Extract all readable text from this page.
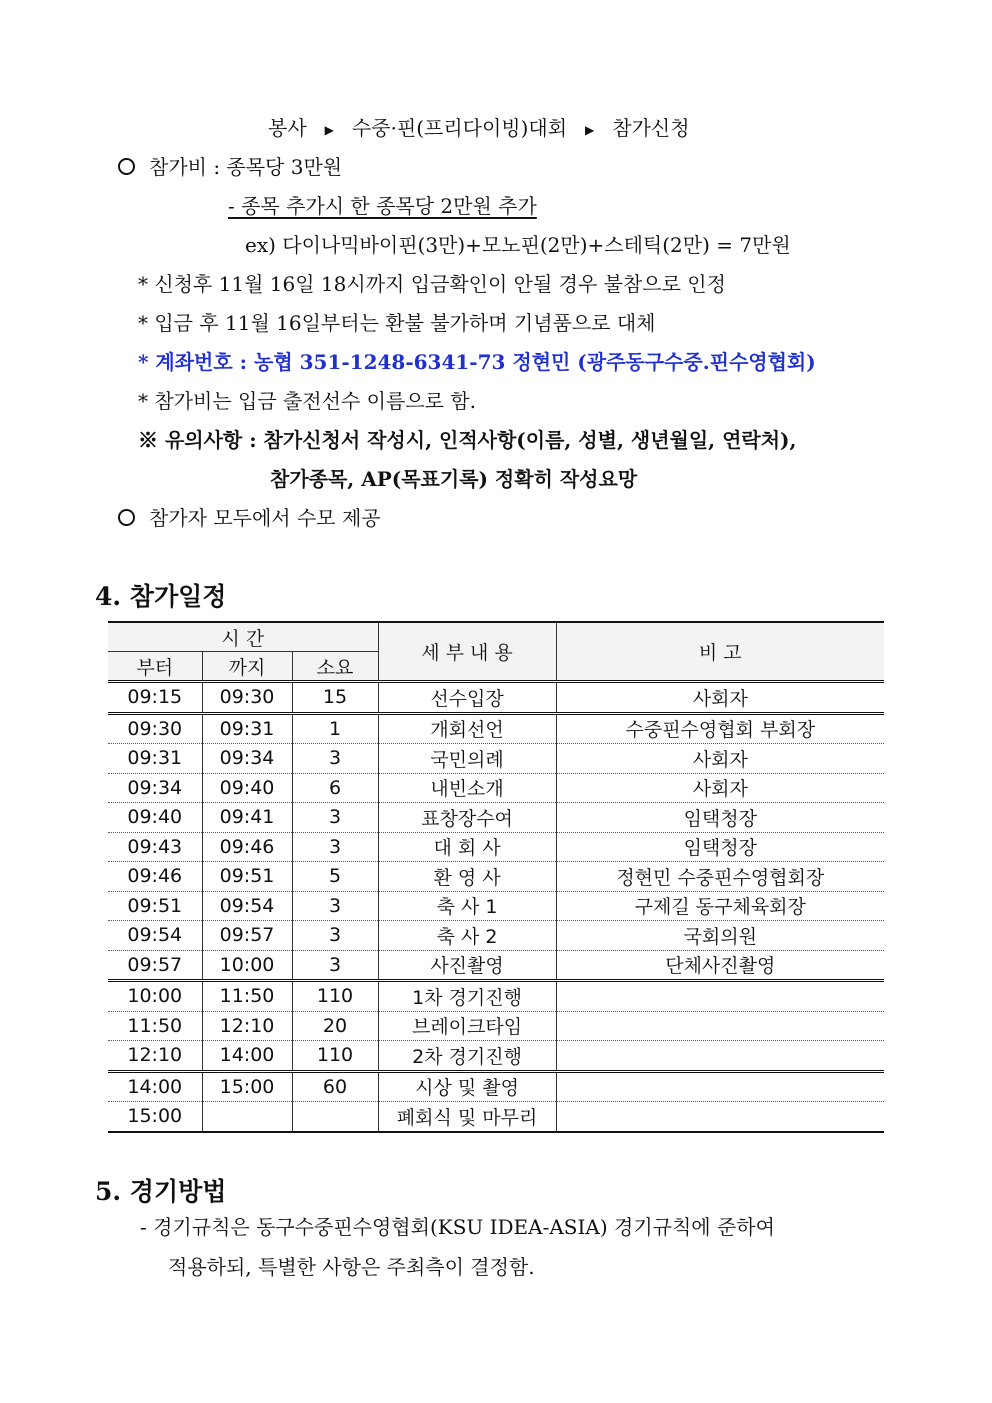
봉사 ▶ 수중·핀(프리다이빙)대회 ▶ 참가신청
참가비 : 종목당 3만원
- 종목 추가시 한 종목당 2만원 추가
ex) 다이나믹바이핀(3만)+모노핀(2만)+스테틱(2만) = 7만원
* 신청후 11월 16일 18시까지 입금확인이 안될 경우 불참으로 인정
* 입금 후 11월 16일부터는 환불 불가하며 기념품으로 대체
* 계좌번호 : 농협 351-1248-6341-73 정현민 (광주동구수중.핀수영협회)
* 참가비는 입금 출전선수 이름으로 함.
※ 유의사항 : 참가신청서 작성시, 인적사항(이름, 성별, 생년월일, 연락처),
참가종목, AP(목표기록) 정확히 작성요망
참가자 모두에서 수모 제공
4. 참가일정
시 간			세 부 내 용	비 고
부터	까지	소요		
09:15	09:30	15	선수입장	사회자
09:30	09:31	1	개회선언	수중핀수영협회 부회장
09:31	09:34	3	국민의례	사회자
09:34	09:40	6	내빈소개	사회자
09:40	09:41	3	표창장수여	임택청장
09:43	09:46	3	대 회 사	임택청장
09:46	09:51	5	환 영 사	정현민 수중핀수영협회장
09:51	09:54	3	축 사 1	구제길 동구체육회장
09:54	09:57	3	축 사 2	국회의원
09:57	10:00	3	사진촬영	단체사진촬영
10:00	11:50	110	1차 경기진행	
11:50	12:10	20	브레이크타임	
12:10	14:00	110	2차 경기진행	
14:00	15:00	60	시상 및 촬영	
15:00			폐회식 및 마무리	
5. 경기방법
- 경기규칙은 동구수중핀수영협회(KSU IDEA-ASIA) 경기규칙에 준하여
적용하되, 특별한 사항은 주최측이 결정함.
